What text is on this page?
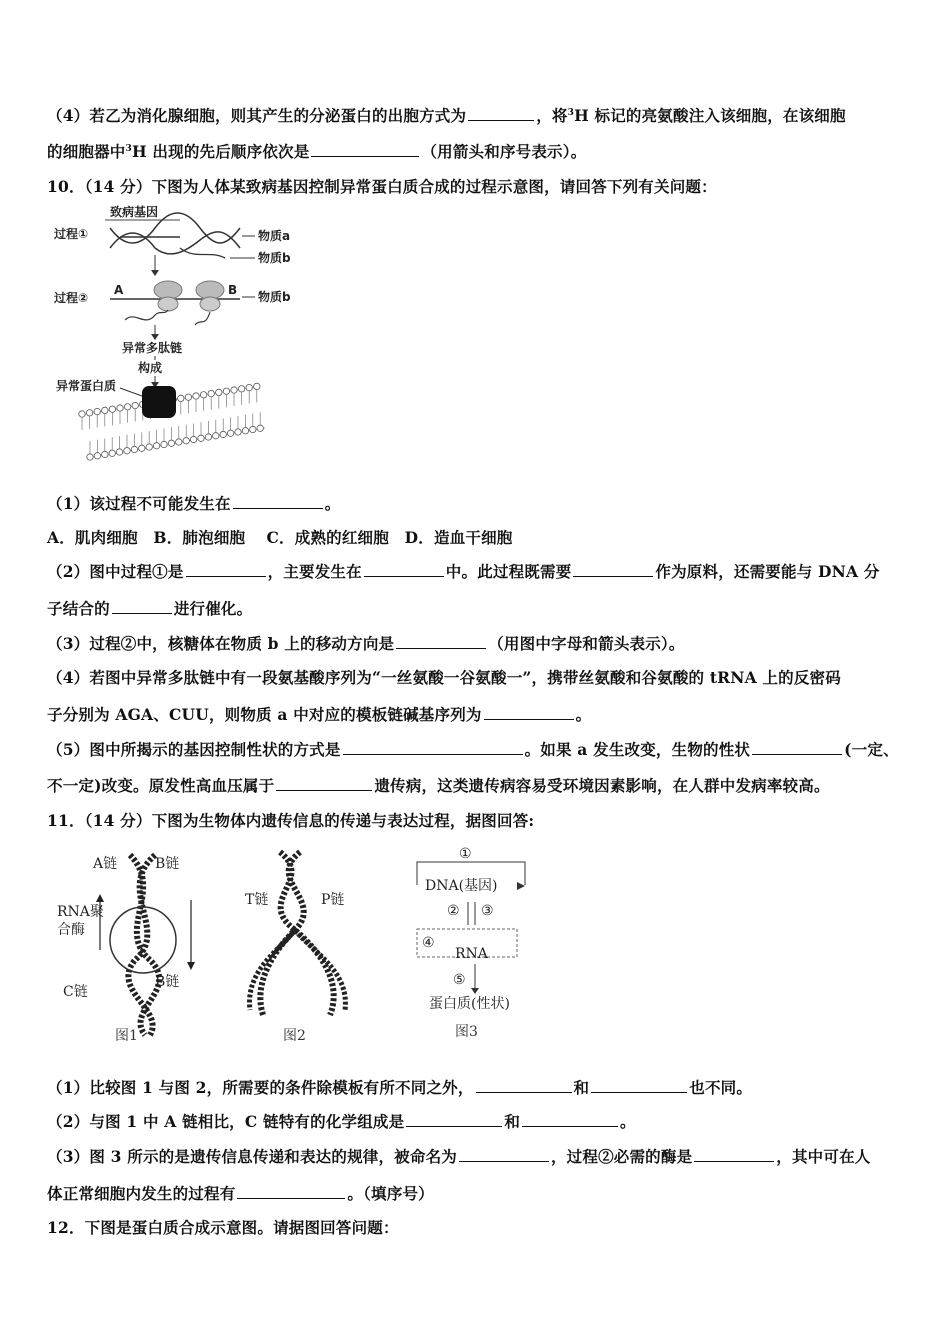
（4）若乙为消化腺细胞，则其产生的分泌蛋白的出胞方式为	，将$^3$H 标记的亮氨酸注入该细胞，在该细胞
的细胞器中$^3$H 出现的先后顺序依次是	（用箭头和序号表示）。
10．（14 分）下图为人体某致病基因控制异常蛋白质合成的过程示意图，请回答下列有关问题：
致病基因
过程①	物质a
物质b
过程②
A	B 物质b
异常多肽链
构成
异常蛋白质
（1）该过程不可能发生在	。
A．肌肉细胞　B．肺泡细胞　 C．成熟的红细胞　D．造血干细胞
（2）图中过程①是	，主要发生在	中。此过程既需要	作为原料，还需要能与 DNA 分
子结合的	进行催化。
（3）过程②中，核糖体在物质 b 上的移动方向是	（用图中字母和箭头表示）。
（4）若图中异常多肽链中有一段氨基酸序列为“一丝氨酸一谷氨酸一”，携带丝氨酸和谷氨酸的 tRNA 上的反密码
子分别为 AGA、CUU，则物质 a 中对应的模板链碱基序列为	。
（5）图中所揭示的基因控制性状的方式是	。如果 a 发生改变，生物的性状	(一定、
不一定)改变。原发性高血压属于	遗传病，这类遗传病容易受环境因素影响，在人群中发病率较高。
11．（14 分）下图为生物体内遗传信息的传递与表达过程，据图回答:
A链	B链
RNA聚
合酶
C链
B链
图1
T链	P链
图2
①
DNA(基因)
② ③
④
RNA
⑤
蛋白质(性状)
图3
（1）比较图 1 与图 2，所需要的条件除模板有所不同之外，	和	也不同。
（2）与图 1 中 A 链相比，C 链特有的化学组成是	和	。
（3）图 3 所示的是遗传信息传递和表达的规律，被命名为	，过程②必需的酶是	，其中可在人
体正常细胞内发生的过程有	。（填序号）
12．下图是蛋白质合成示意图。请据图回答问题：
